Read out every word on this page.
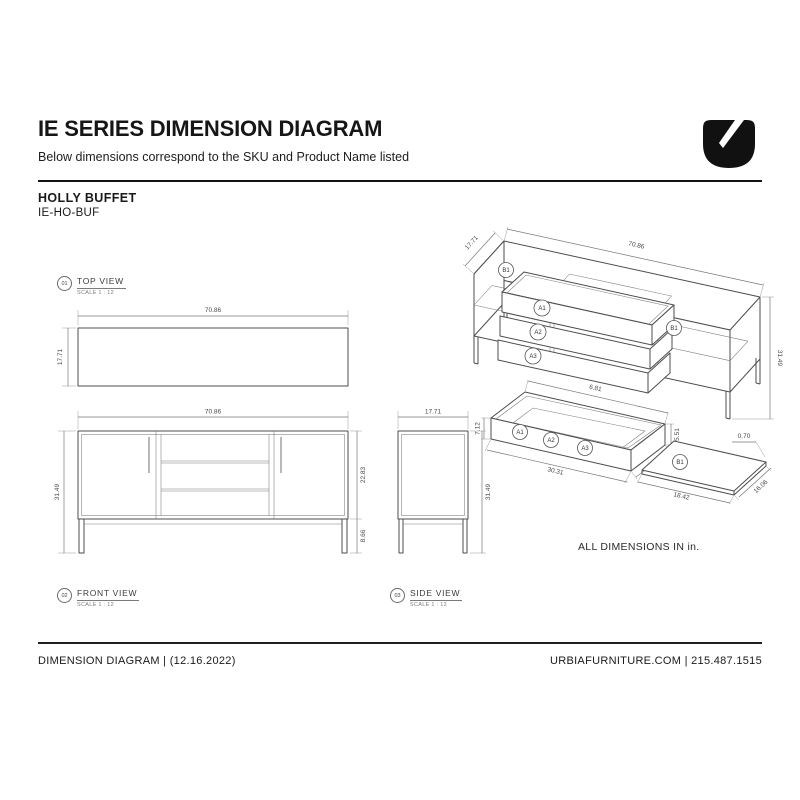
IE SERIES DIMENSION DIAGRAM
Below dimensions correspond to the SKU and Product Name listed
HOLLY BUFFET
IE-HO-BUF
01	TOP VIEW
SCALE 1 : 12
70.86
17.71
70.86
31.49
22.83
8.66
02	FRONT VIEW
SCALE 1 : 12
17.71
31.49
03	SIDE VIEW
SCALE 1 : 12
B1
B1
A1
A2
A3
17.71	70.86
31.49
A1
A2
A3
7.12
30.31
5.51
6.81
B1
18.42
16.06
0.70
ALL DIMENSIONS IN in.
DIMENSION DIAGRAM | (12.16.2022)	URBIAFURNITURE.COM | 215.487.1515
